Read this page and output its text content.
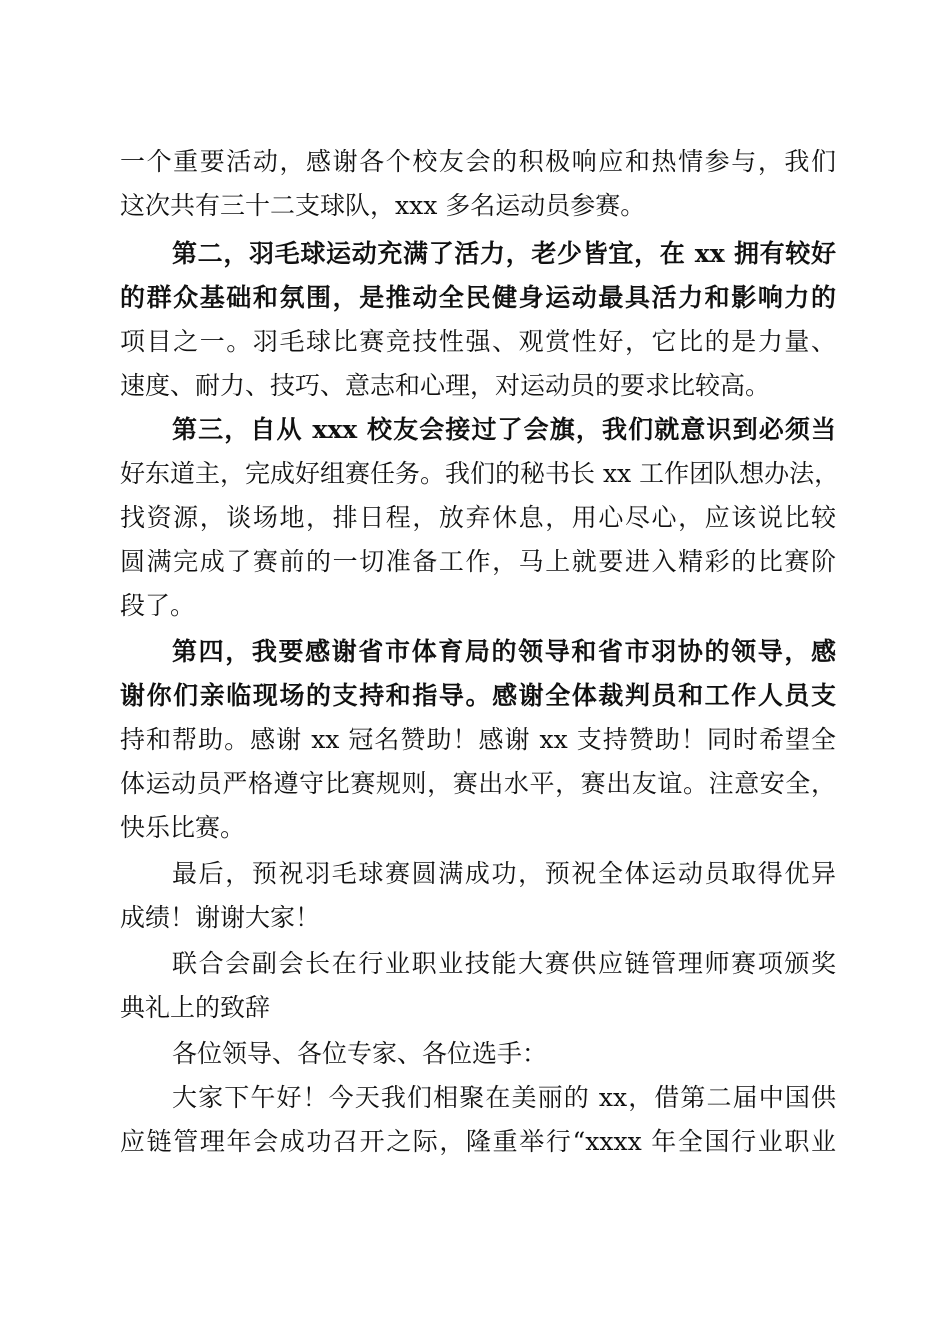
一个重要活动，感谢各个校友会的积极响应和热情参与，我们
这次共有三十二支球队，xxx 多名运动员参赛。
第二，羽毛球运动充满了活力，老少皆宜，在 xx 拥有较好
的群众基础和氛围，是推动全民健身运动最具活力和影响力的
项目之一。羽毛球比赛竞技性强、观赏性好，它比的是力量、
速度、耐力、技巧、意志和心理，对运动员的要求比较高。
第三，自从 xxx 校友会接过了会旗，我们就意识到必须当
好东道主，完成好组赛任务。我们的秘书长 xx 工作团队想办法，
找资源，谈场地，排日程，放弃休息，用心尽心，应该说比较
圆满完成了赛前的一切准备工作，马上就要进入精彩的比赛阶
段了。
第四，我要感谢省市体育局的领导和省市羽协的领导，感
谢你们亲临现场的支持和指导。感谢全体裁判员和工作人员支
持和帮助。感谢 xx 冠名赞助！感谢 xx 支持赞助！同时希望全
体运动员严格遵守比赛规则，赛出水平，赛出友谊。注意安全，
快乐比赛。
最后，预祝羽毛球赛圆满成功，预祝全体运动员取得优异
成绩！谢谢大家！
联合会副会长在行业职业技能大赛供应链管理师赛项颁奖
典礼上的致辞
各位领导、各位专家、各位选手：
大家下午好！今天我们相聚在美丽的 xx，借第二届中国供
应链管理年会成功召开之际，隆重举行“xxxx 年全国行业职业
